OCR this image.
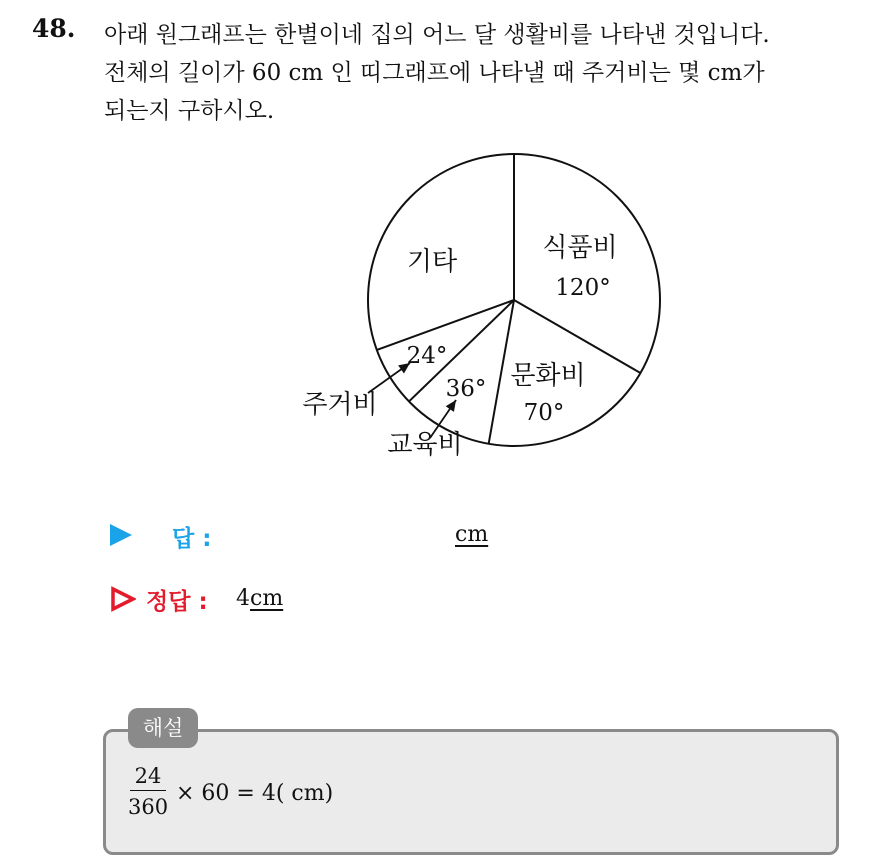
48. 아래 원그래프는 한별이네 집의 어느 달 생활비를 나타낸 것입니다.
전체의 길이가 60 cm 인 띠그래프에 나타낼 때 주거비는 몇 cm가
되는지 구하시오.
식품비
120°
문화비
70°
교육비
36°
주거비
24°
기타
답 :	cm
정답 : 4cm
해설
24
360
× 60 = 4( cm)
